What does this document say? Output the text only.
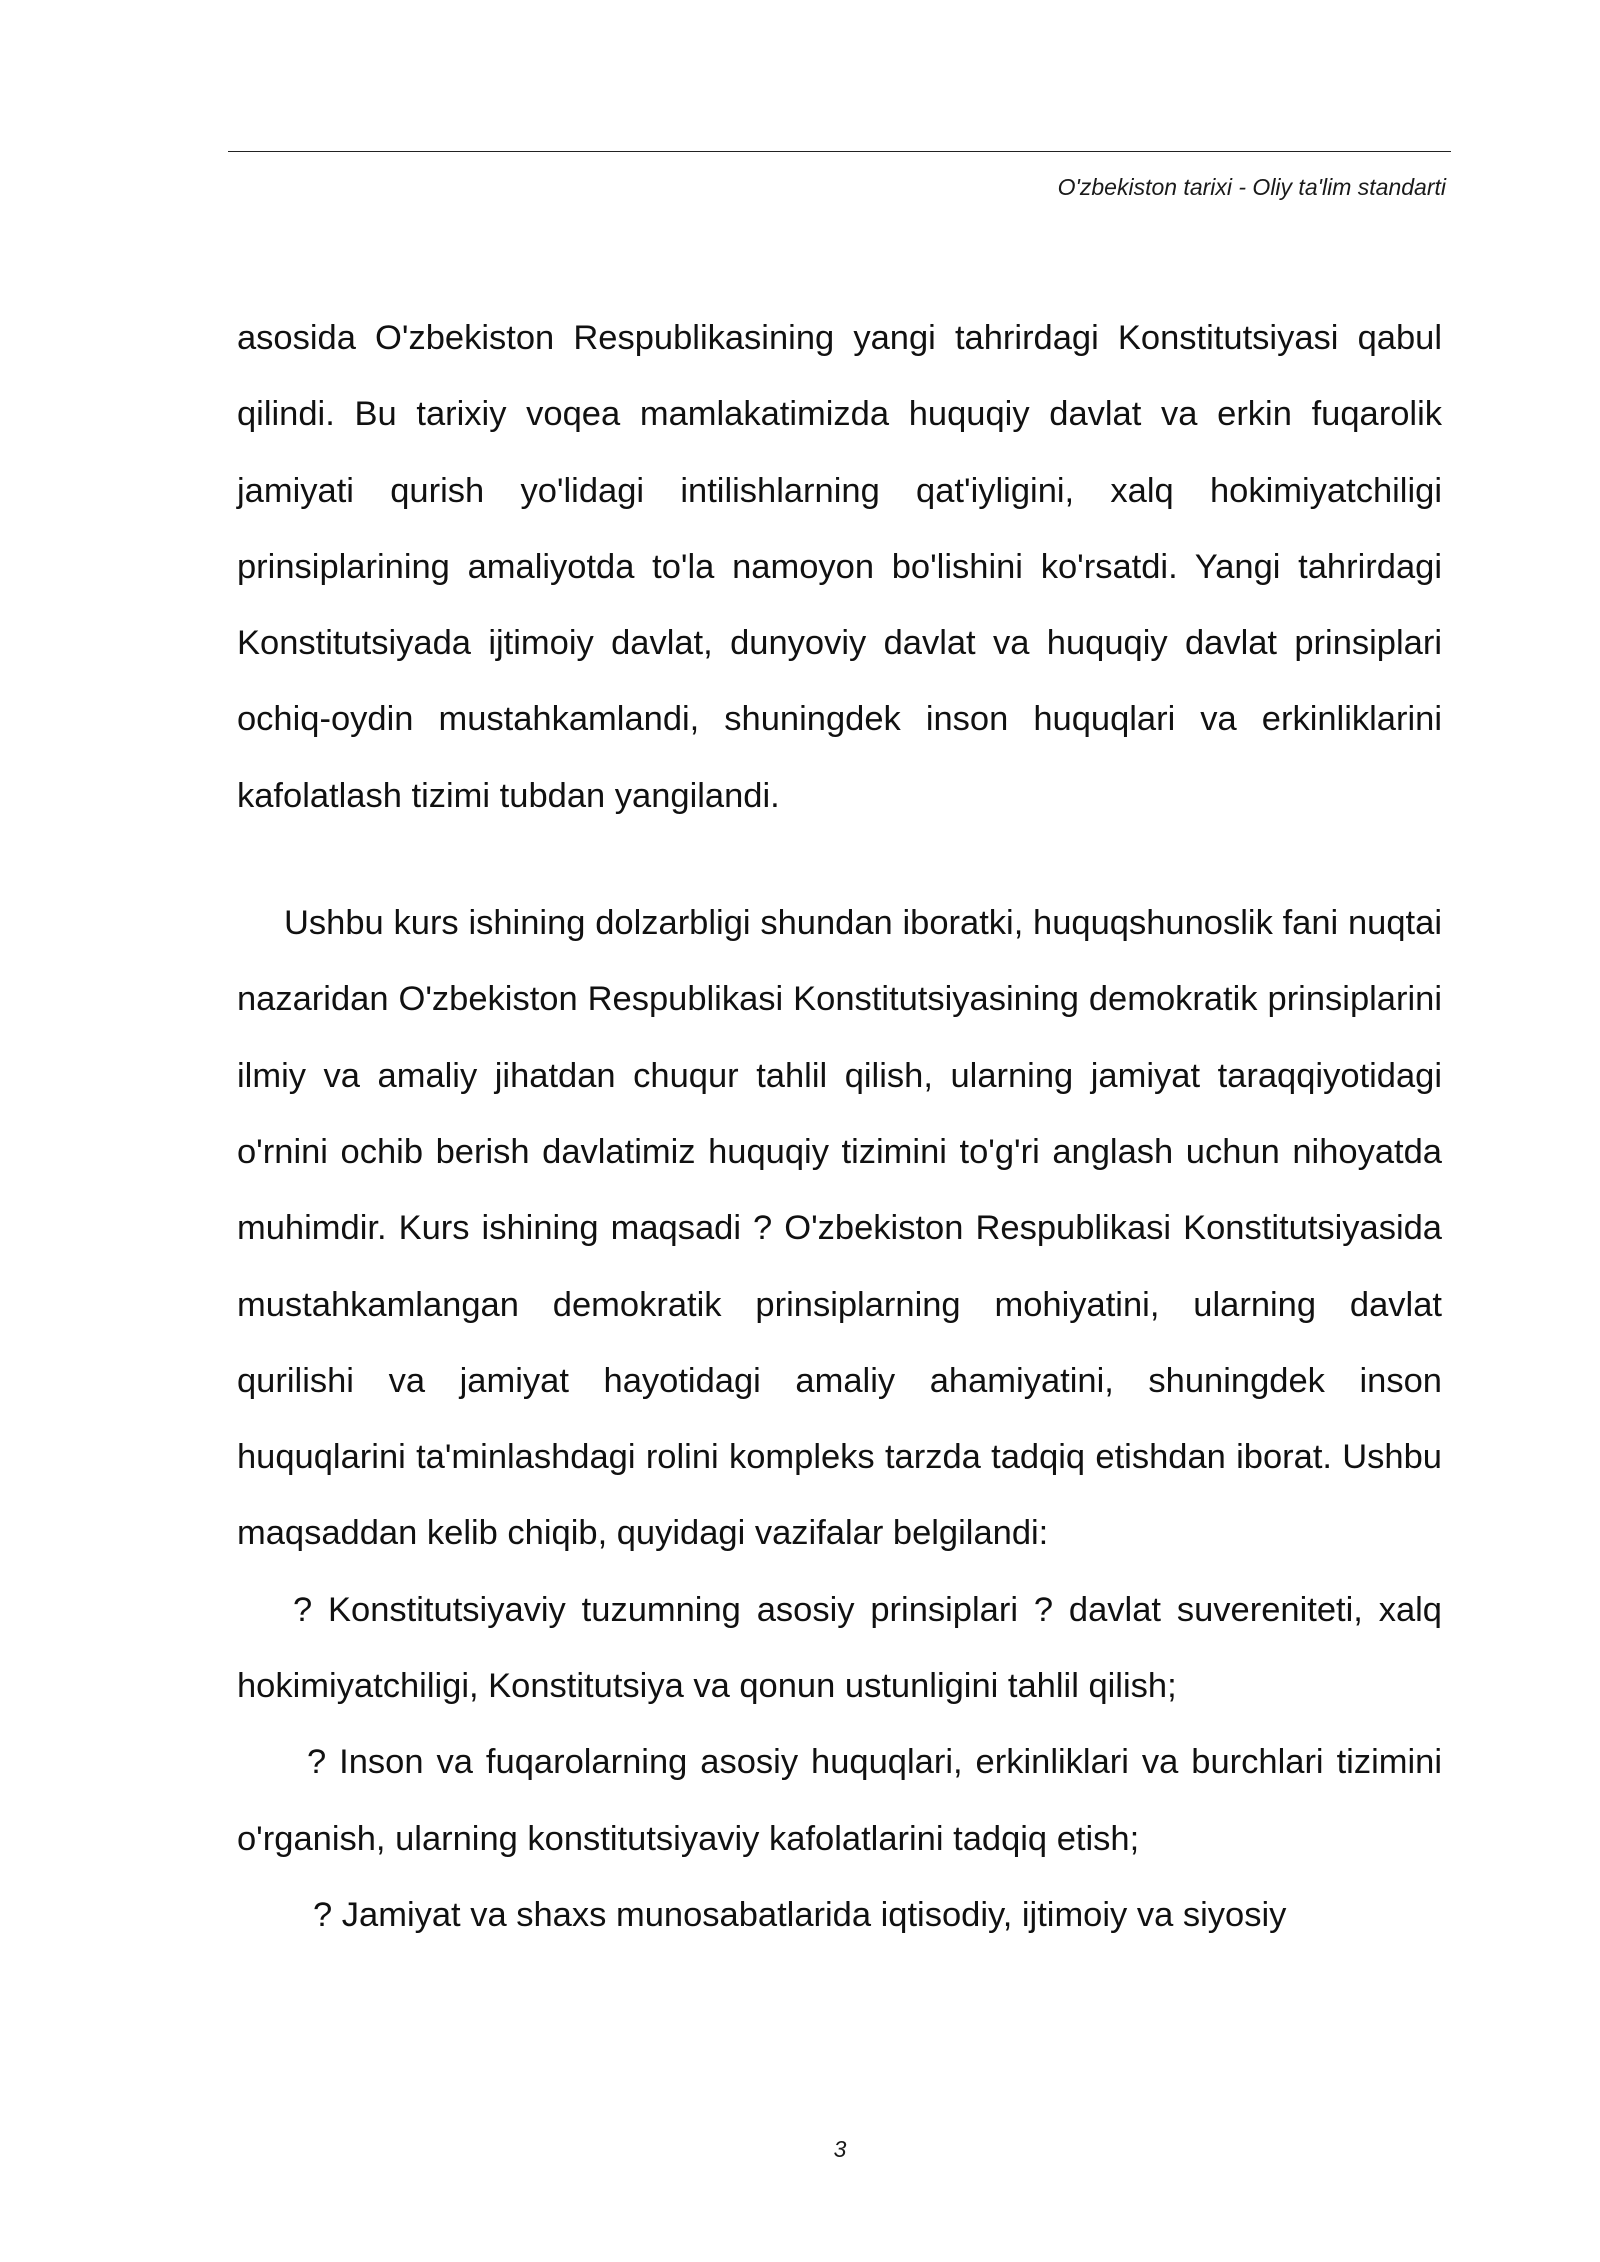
O'zbekiston tarixi - Oliy ta'lim standarti

asosida O'zbekiston Respublikasining yangi tahrirdagi Konstitutsiyasi qabul qilindi. Bu tarixiy voqea mamlakatimizda huquqiy davlat va erkin fuqarolik jamiyati qurish yo'lidagi intilishlarning qat'iyligini, xalq hokimiyatchiligi prinsiplarining amaliyotda to'la namoyon bo'lishini ko'rsatdi. Yangi tahrirdagi Konstitutsiyada ijtimoiy davlat, dunyoviy davlat va huquqiy davlat prinsiplari ochiq-oydin mustahkamlandi, shuningdek inson huquqlari va erkinliklarini kafolatlash tizimi tubdan yangilandi.

Ushbu kurs ishining dolzarbligi shundan iboratki, huquqshunoslik fani nuqtai nazaridan O'zbekiston Respublikasi Konstitutsiyasining demokratik prinsiplarini ilmiy va amaliy jihatdan chuqur tahlil qilish, ularning jamiyat taraqqiyotidagi o'rnini ochib berish davlatimiz huquqiy tizimini to'g'ri anglash uchun nihoyatda muhimdir. Kurs ishining maqsadi ? O'zbekiston Respublikasi Konstitutsiyasida mustahkamlangan demokratik prinsiplarning mohiyatini, ularning davlat qurilishi va jamiyat hayotidagi amaliy ahamiyatini, shuningdek inson huquqlarini ta'minlashdagi rolini kompleks tarzda tadqiq etishdan iborat. Ushbu maqsaddan kelib chiqib, quyidagi vazifalar belgilandi:

? Konstitutsiyaviy tuzumning asosiy prinsiplari ? davlat suvereniteti, xalq hokimiyatchiligi, Konstitutsiya va qonun ustunligini tahlil qilish;

? Inson va fuqarolarning asosiy huquqlari, erkinliklari va burchlari tizimini o'rganish, ularning konstitutsiyaviy kafolatlarini tadqiq etish;

? Jamiyat va shaxs munosabatlarida iqtisodiy, ijtimoiy va siyosiy

3
